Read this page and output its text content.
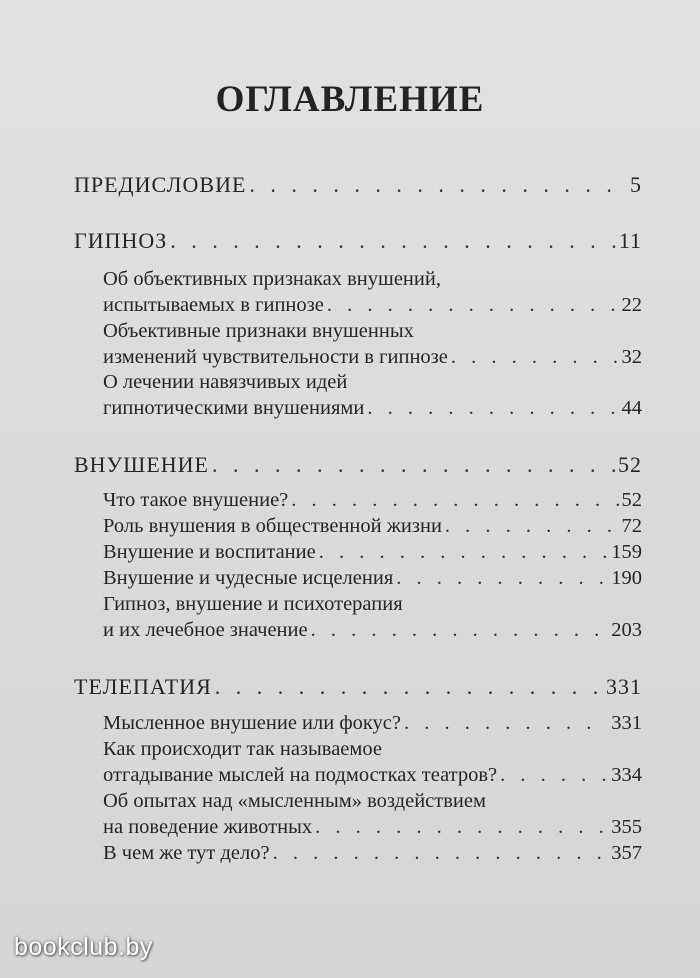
ОГЛАВЛЕНИЕ
ПРЕДИСЛОВИЕ . . .	5
ГИПНОЗ . . .	11
Об объективных признаках внушений,
испытываемых в гипнозе . . .	22
Объективные признаки внушенных
изменений чувствительности в гипнозе . . .	32
О лечении навязчивых идей
гипнотическими внушениями . . .	44
ВНУШЕНИЕ . . .	52
Что такое внушение? . . .	52
Роль внушения в общественной жизни . . .	72
Внушение и воспитание . . .	159
Внушение и чудесные исцеления . . .	190
Гипноз, внушение и психотерапия
и их лечебное значение . . .	203
ТЕЛЕПАТИЯ . . .	331
Мысленное внушение или фокус? . . .	331
Как происходит так называемое
отгадывание мыслей на подмостках театров? . . .	334
Об опытах над «мысленным» воздействием
на поведение животных . . .	355
В чем же тут дело? . . .	357
bookclub.by
